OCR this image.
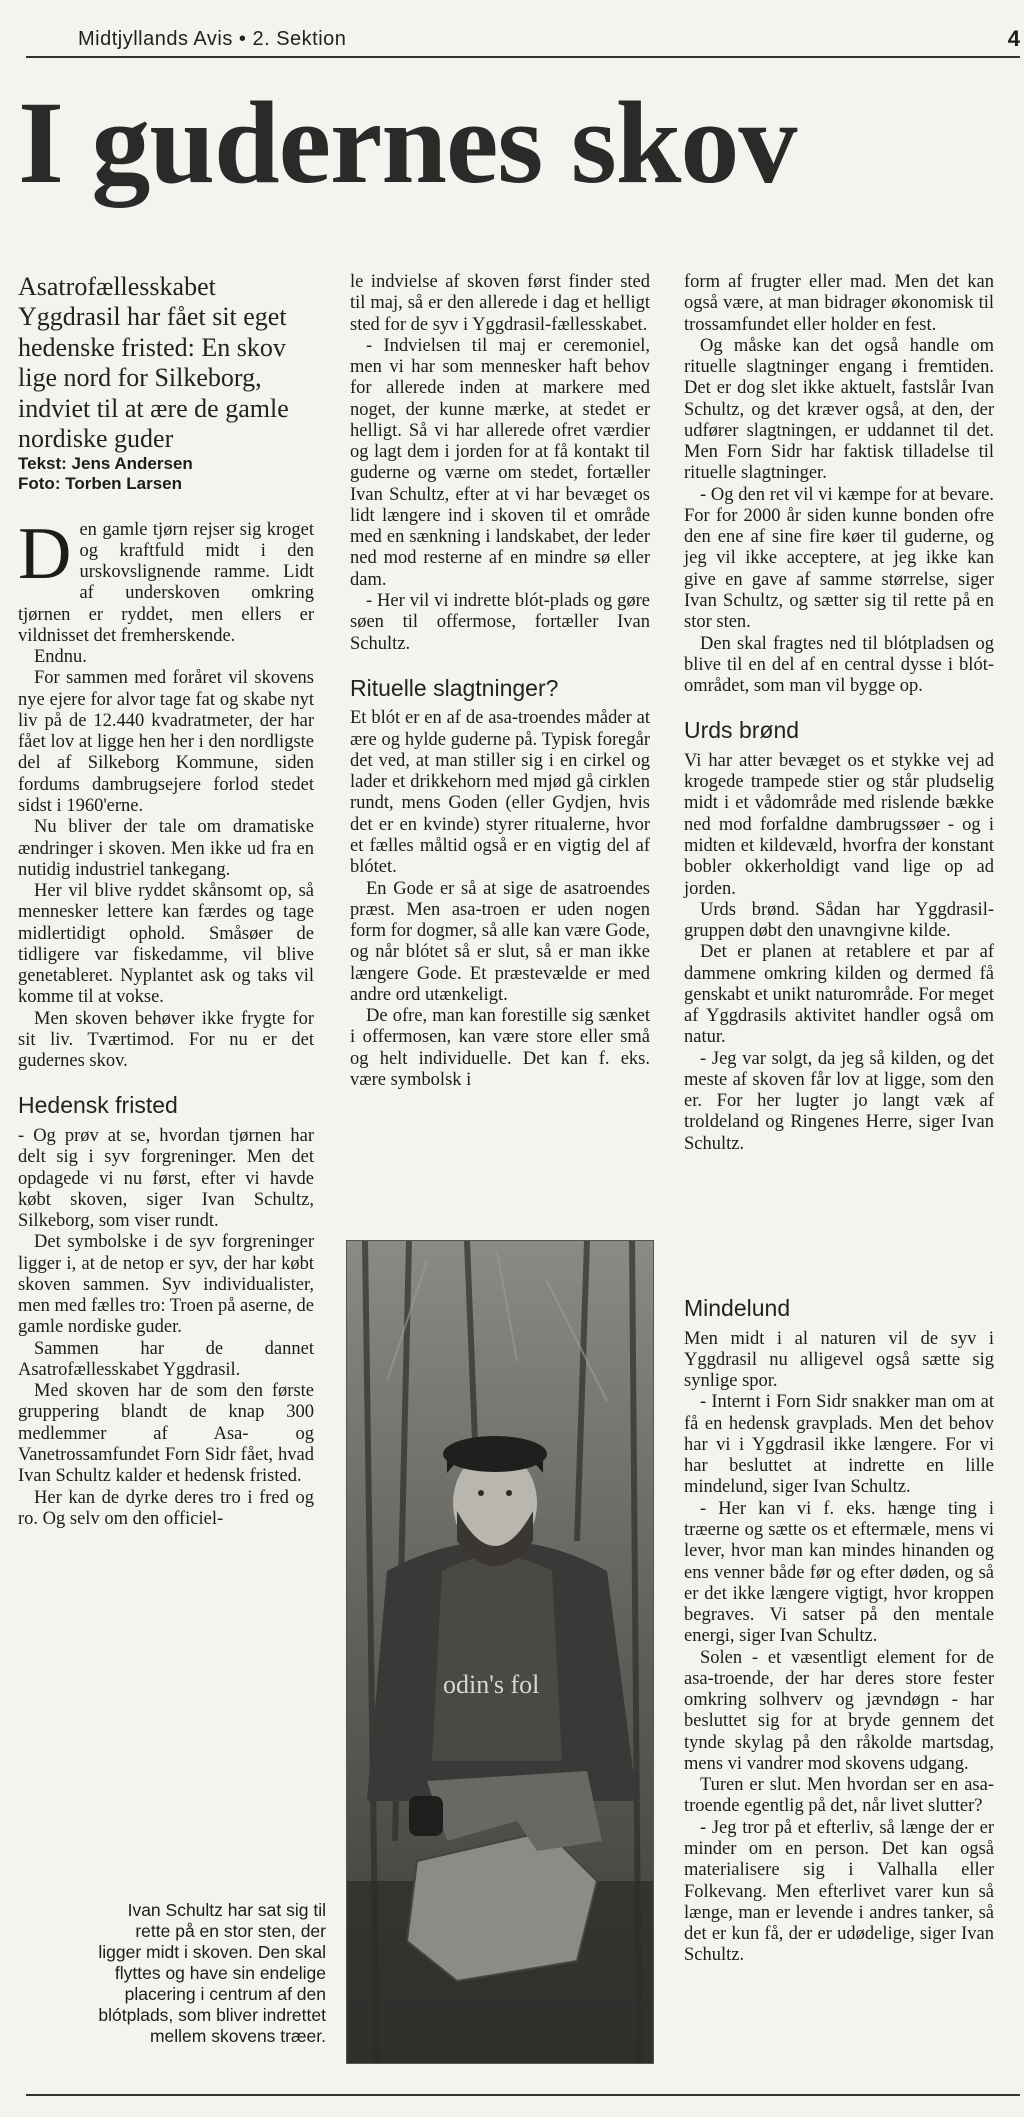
Midtjyllands Avis • 2. Sektion	4
I gudernes skov

Asatrofællesskabet Yggdrasil har fået sit eget hedenske fristed: En skov lige nord for Silkeborg, indviet til at ære de gamle nordiske guder

Tekst: Jens Andersen

Foto: Torben Larsen

Den gamle tjørn rejser sig kroget og kraftfuld midt i den urskovslignende ramme. Lidt af underskoven omkring tjørnen er ryddet, men ellers er vildnisset det fremherskende.

Endnu.

For sammen med foråret vil skovens nye ejere for alvor tage fat og skabe nyt liv på de 12.440 kvadratmeter, der har fået lov at ligge hen her i den nordligste del af Silkeborg Kommune, siden fordums dambrugsejere forlod stedet sidst i 1960'erne.

Nu bliver der tale om dramatiske ændringer i skoven. Men ikke ud fra en nutidig industriel tankegang.

Her vil blive ryddet skånsomt op, så mennesker lettere kan færdes og tage midlertidigt ophold. Småsøer de tidligere var fiskedamme, vil blive genetableret. Nyplantet ask og taks vil komme til at vokse.

Men skoven behøver ikke frygte for sit liv. Tværtimod. For nu er det gudernes skov.

Hedensk fristed

- Og prøv at se, hvordan tjørnen har delt sig i syv forgreninger. Men det opdagede vi nu først, efter vi havde købt skoven, siger Ivan Schultz, Silkeborg, som viser rundt.

Det symbolske i de syv forgreninger ligger i, at de netop er syv, der har købt skoven sammen. Syv individualister, men med fælles tro: Troen på aserne, de gamle nordiske guder.

Sammen har de dannet Asatrofællesskabet Yggdrasil.

Med skoven har de som den første gruppering blandt de knap 300 medlemmer af Asa- og Vanetrossamfundet Forn Sidr fået, hvad Ivan Schultz kalder et hedensk fristed.

Her kan de dyrke deres tro i fred og ro. Og selv om den officiel-

Ivan Schultz har sat sig til rette på en stor sten, der ligger midt i skoven. Den skal flyttes og have sin endelige placering i centrum af den blótplads, som bliver indrettet mellem skovens træer.

le indvielse af skoven først finder sted til maj, så er den allerede i dag et helligt sted for de syv i Yggdrasil-fællesskabet.

- Indvielsen til maj er ceremoniel, men vi har som mennesker haft behov for allerede inden at markere med noget, der kunne mærke, at stedet er helligt. Så vi har allerede ofret værdier og lagt dem i jorden for at få kontakt til guderne og værne om stedet, fortæller Ivan Schultz, efter at vi har bevæget os lidt længere ind i skoven til et område med en sænkning i landskabet, der leder ned mod resterne af en mindre sø eller dam.

- Her vil vi indrette blót-plads og gøre søen til offermose, fortæller Ivan Schultz.

Rituelle slagtninger?

Et blót er en af de asa-troendes måder at ære og hylde guderne på. Typisk foregår det ved, at man stiller sig i en cirkel og lader et drikkehorn med mjød gå cirklen rundt, mens Goden (eller Gydjen, hvis det er en kvinde) styrer ritualerne, hvor et fælles måltid også er en vigtig del af blótet.

En Gode er så at sige de asatroendes præst. Men asa-troen er uden nogen form for dogmer, så alle kan være Gode, og når blótet så er slut, så er man ikke længere Gode. Et præstevælde er med andre ord utænkeligt.

De ofre, man kan forestille sig sænket i offermosen, kan være store eller små og helt individuelle. Det kan f. eks. være symbolsk i

odin's fol

form af frugter eller mad. Men det kan også være, at man bidrager økonomisk til trossamfundet eller holder en fest.

Og måske kan det også handle om rituelle slagtninger engang i fremtiden. Det er dog slet ikke aktuelt, fastslår Ivan Schultz, og det kræver også, at den, der udfører slagtningen, er uddannet til det. Men Forn Sidr har faktisk tilladelse til rituelle slagtninger.

- Og den ret vil vi kæmpe for at bevare. For for 2000 år siden kunne bonden ofre den ene af sine fire køer til guderne, og jeg vil ikke acceptere, at jeg ikke kan give en gave af samme størrelse, siger Ivan Schultz, og sætter sig til rette på en stor sten.

Den skal fragtes ned til blótpladsen og blive til en del af en central dysse i blót-området, som man vil bygge op.

Urds brønd

Vi har atter bevæget os et stykke vej ad krogede trampede stier og står pludselig midt i et vådområde med rislende bække ned mod forfaldne dambrugssøer - og i midten et kildevæld, hvorfra der konstant bobler okkerholdigt vand lige op ad jorden.

Urds brønd. Sådan har Yggdrasil-gruppen døbt den unavngivne kilde.

Det er planen at retablere et par af dammene omkring kilden og dermed få genskabt et unikt naturområde. For meget af Yggdrasils aktivitet handler også om natur.

- Jeg var solgt, da jeg så kilden, og det meste af skoven får lov at ligge, som den er. For her lugter jo langt væk af troldeland og Ringenes Herre, siger Ivan Schultz.

Mindelund

Men midt i al naturen vil de syv i Yggdrasil nu alligevel også sætte sig synlige spor.

- Internt i Forn Sidr snakker man om at få en hedensk gravplads. Men det behov har vi i Yggdrasil ikke længere. For vi har besluttet at indrette en lille mindelund, siger Ivan Schultz.

- Her kan vi f. eks. hænge ting i træerne og sætte os et eftermæle, mens vi lever, hvor man kan mindes hinanden og ens venner både før og efter døden, og så er det ikke længere vigtigt, hvor kroppen begraves. Vi satser på den mentale energi, siger Ivan Schultz.

Solen - et væsentligt element for de asa-troende, der har deres store fester omkring solhverv og jævndøgn - har besluttet sig for at bryde gennem det tynde skylag på den råkolde martsdag, mens vi vandrer mod skovens udgang.

Turen er slut. Men hvordan ser en asa-troende egentlig på det, når livet slutter?

- Jeg tror på et efterliv, så længe der er minder om en person. Det kan også materialisere sig i Valhalla eller Folkevang. Men efterlivet varer kun så længe, man er levende i andres tanker, så det er kun få, der er udødelige, siger Ivan Schultz.
